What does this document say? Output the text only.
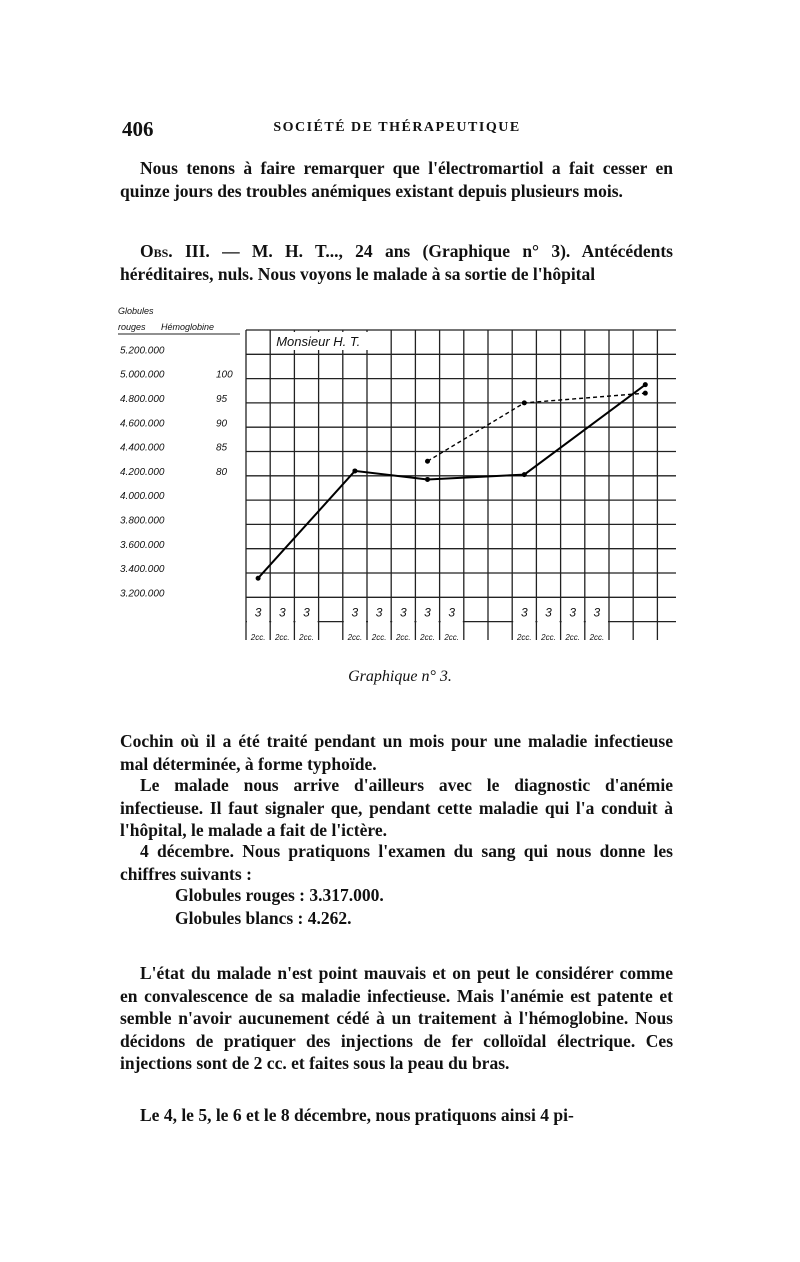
406	SOCIÉTÉ DE THÉRAPEUTIQUE

Nous tenons à faire remarquer que l'électromartiol a fait cesser en quinze jours des troubles anémiques existant depuis plusieurs mois.

Obs. III. — M. H. T..., 24 ans (Graphique n° 3). Antécédents héréditaires, nuls. Nous voyons le malade à sa sortie de l'hôpital

Monsieur H. T.
Globules
rouges Hémoglobine
5.200.000
5.000.000
4.800.000
4.600.000
4.400.000
4.200.000
4.000.000
3.800.000
3.600.000
3.400.000
3.200.000
100
95
90
85
80
3
2cc.
3
2cc.
3
2cc.
3
2cc.
3
2cc.
3
2cc.
3
2cc.
3
2cc.
3
2cc.
3
2cc.
3
2cc.
3
2cc.
Graphique n° 3.

Cochin où il a été traité pendant un mois pour une maladie infectieuse mal déterminée, à forme typhoïde.

Le malade nous arrive d'ailleurs avec le diagnostic d'anémie infectieuse. Il faut signaler que, pendant cette maladie qui l'a conduit à l'hôpital, le malade a fait de l'ictère.

4 décembre. Nous pratiquons l'examen du sang qui nous donne les chiffres suivants :

Globules rouges : 3.317.000.
Globules blancs : 4.262.

L'état du malade n'est point mauvais et on peut le considérer comme en convalescence de sa maladie infectieuse. Mais l'anémie est patente et semble n'avoir aucunement cédé à un traitement à l'hémoglobine. Nous décidons de pratiquer des injections de fer colloïdal électrique. Ces injections sont de 2 cc. et faites sous la peau du bras.

Le 4, le 5, le 6 et le 8 décembre, nous pratiquons ainsi 4 pi-
